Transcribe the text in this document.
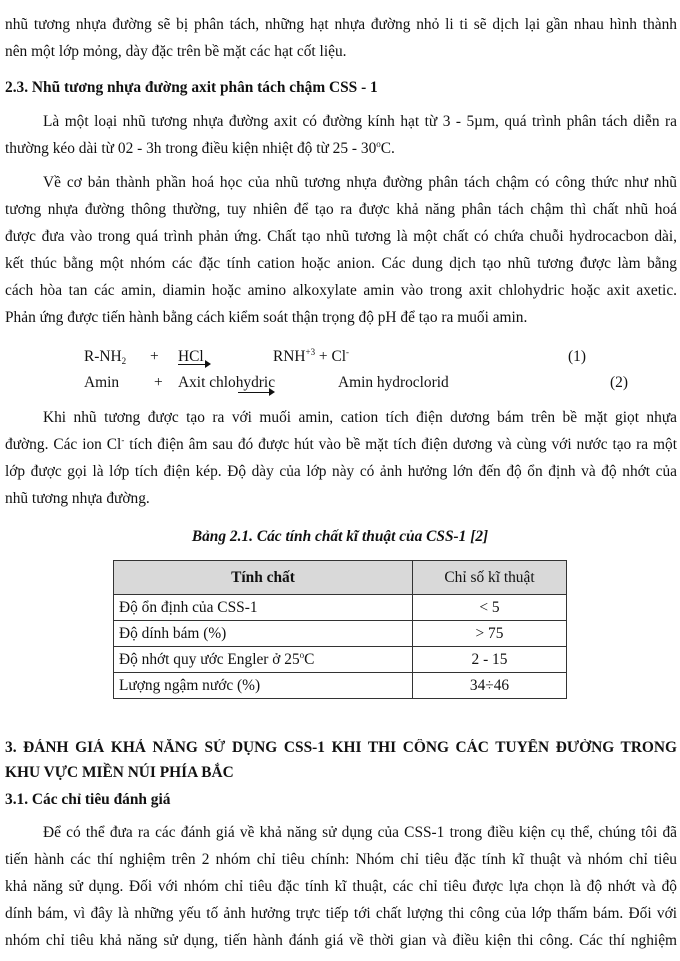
nhũ tương nhựa đường sẽ bị phân tách, những hạt nhựa đường nhỏ li ti sẽ dịch lại gần nhau hình thành
nên một lớp mỏng, dày đặc trên bề mặt các hạt cốt liệu.
2.3. Nhũ tương nhựa đường axit phân tách chậm CSS - 1
Là một loại nhũ tương nhựa đường axit có đường kính hạt từ 3 - 5µm, quá trình phân tách diễn ra
thường kéo dài từ 02 - 3h trong điều kiện nhiệt độ từ 25 - 30$^o$C.
Về cơ bản thành phần hoá học của nhũ tương nhựa đường phân tách chậm có công thức như nhũ
tương nhựa đường thông thường, tuy nhiên để tạo ra được khả năng phân tách chậm thì chất nhũ hoá
được đưa vào trong quá trình phản ứng. Chất tạo nhũ tương là một chất có chứa chuỗi hydrocacbon dài,
kết thúc bằng một nhóm các đặc tính cation hoặc anion. Các dung dịch tạo nhũ tương được làm bằng
cách hòa tan các amin, diamin hoặc amino alkoxylate amin vào trong axit chlohydric hoặc axit axetic.
Phản ứng được tiến hành bằng cách kiểm soát thận trọng độ pH để tạo ra muối amin.
$R-NH_2$ + HCl	$RNH^{+3} + Cl^-$	(1)
Amin + Axit chlohydric	Amin hydroclorid	(2)
Khi nhũ tương được tạo ra với muối amin, cation tích điện dương bám trên bề mặt giọt nhựa
đường. Các ion Cl- tích điện âm sau đó được hút vào bề mặt tích điện dương và cùng với nước tạo ra một
lớp được gọi là lớp tích điện kép. Độ dày của lớp này có ảnh hưởng lớn đến độ ổn định và độ nhớt của
nhũ tương nhựa đường.
Bảng 2.1. Các tính chất kĩ thuật của CSS-1 [2]
Tính chất	Chỉ số kĩ thuật
Độ ổn định của CSS-1	< 5
Độ dính bám (%)	> 75
Độ nhớt quy ước Engler ở 25$^o$C	2 - 15
Lượng ngậm nước (%)	34÷46
3. ĐÁNH GIÁ KHẢ NĂNG SỬ DỤNG CSS-1 KHI THI CÔNG CÁC TUYẾN ĐƯỜNG TRONG
KHU VỰC MIỀN NÚI PHÍA BẮC
3.1. Các chỉ tiêu đánh giá
Để có thể đưa ra các đánh giá về khả năng sử dụng của CSS-1 trong điều kiện cụ thể, chúng tôi đã
tiến hành các thí nghiệm trên 2 nhóm chỉ tiêu chính: Nhóm chỉ tiêu đặc tính kĩ thuật và nhóm chỉ tiêu
khả năng sử dụng. Đối với nhóm chỉ tiêu đặc tính kĩ thuật, các chỉ tiêu được lựa chọn là độ nhớt và độ
dính bám, vì đây là những yếu tố ảnh hưởng trực tiếp tới chất lượng thi công của lớp thấm bám. Đối với
nhóm chỉ tiêu khả năng sử dụng, tiến hành đánh giá về thời gian và điều kiện thi công. Các thí nghiệm
